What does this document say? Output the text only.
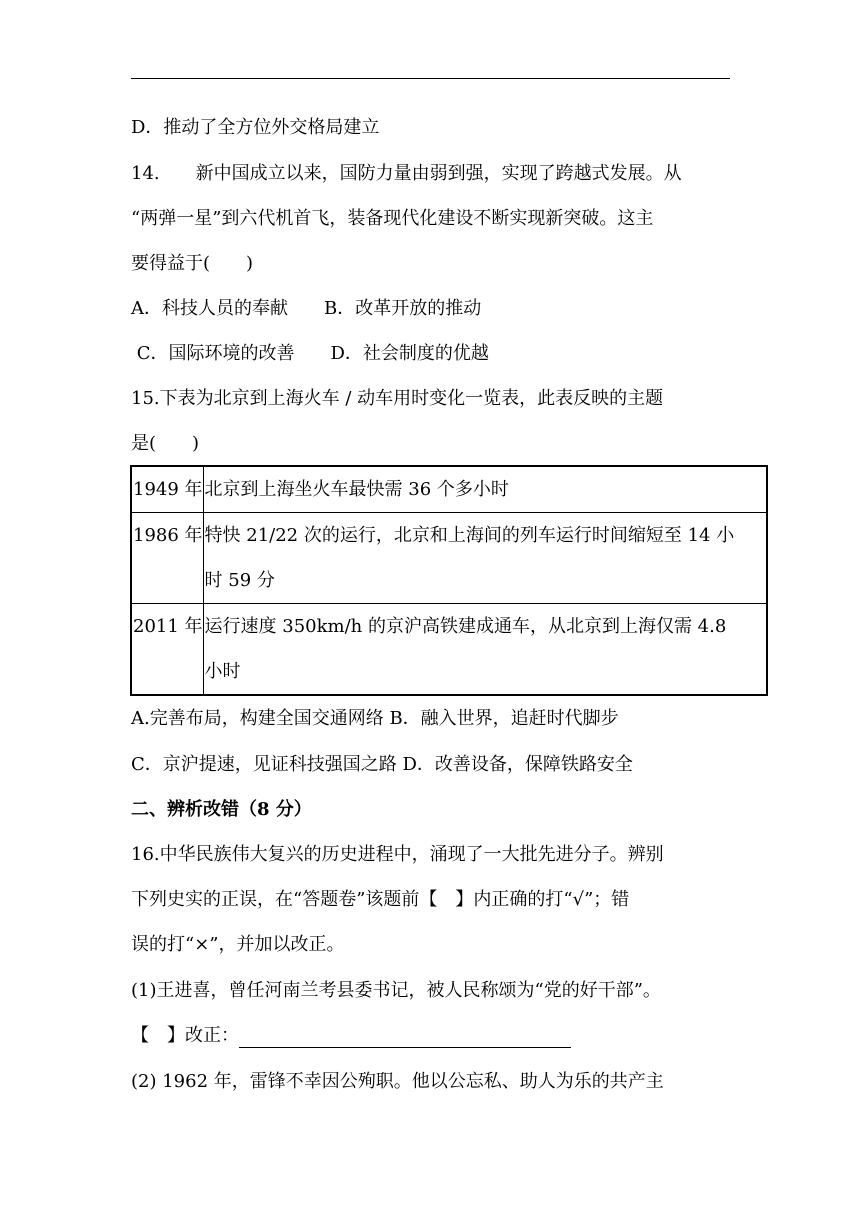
D．推动了全方位外交格局建立
14.　　新中国成立以来，国防力量由弱到强，实现了跨越式发展。从
“两弹一星”到六代机首飞，装备现代化建设不断实现新突破。这主
要得益于(　　)
A．科技人员的奉献　　B．改革开放的推动
C．国际环境的改善　　D．社会制度的优越
15.下表为北京到上海火车 / 动车用时变化一览表，此表反映的主题
是(　　)
1949 年	北京到上海坐火车最快需 36 个多小时

1986 年	特快 21/22 次的运行，北京和上海间的列车运行时间缩短至 14 小
时 59 分

2011 年	运行速度 350km/h 的京沪高铁建成通车，从北京到上海仅需 4.8
小时
A.完善布局，构建全国交通网络 B．融入世界，追赶时代脚步
C．京沪提速，见证科技强国之路 D．改善设备，保障铁路安全
二、辨析改错（8 分）
16.中华民族伟大复兴的历史进程中，涌现了一大批先进分子。辨别
下列史实的正误，在“答题卷”该题前【　】内正确的打“√”；错
误的打“×”，并加以改正。
(1)王进喜，曾任河南兰考县委书记，被人民称颂为“党的好干部”。
【　】改正：
(2) 1962 年，雷锋不幸因公殉职。他以公忘私、助人为乐的共产主
